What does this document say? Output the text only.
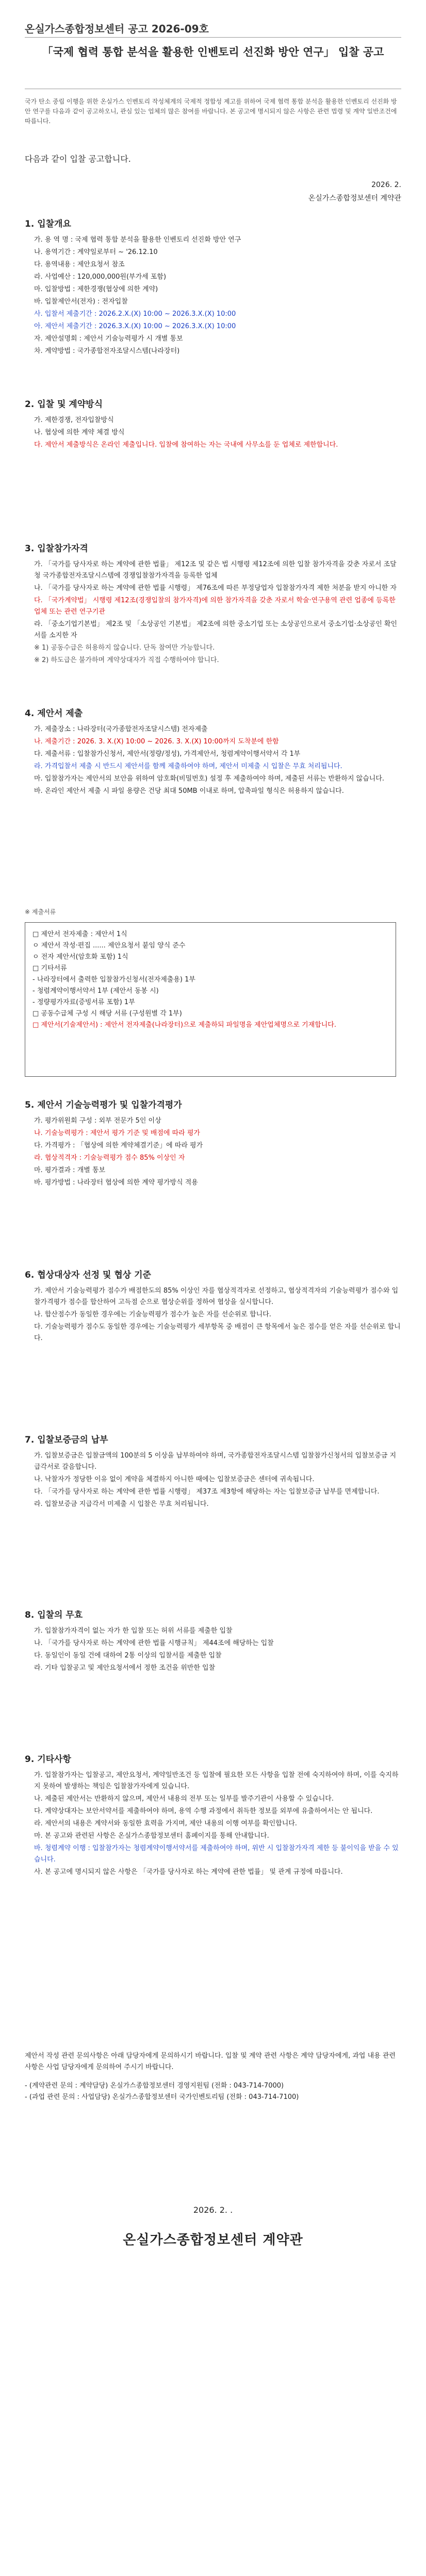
온실가스종합정보센터 공고 2026-09호
「국제 협력 통합 분석을 활용한 인벤토리 선진화 방안 연구」 입찰 공고
국가 탄소 중립 이행을 위한 온실가스 인벤토리 작성체계의 국제적 정합성 제고를 위하여 국제 협력 통합 분석을 활용한 인벤토리 선진화 방안 연구를 다음과 같이 공고하오니, 관심 있는 업체의 많은 참여를 바랍니다. 본 공고에 명시되지 않은 사항은 관련 법령 및 계약 일반조건에 따릅니다.
다음과 같이 입찰 공고합니다.
2026. 2.
온실가스종합정보센터 계약관
1. 입찰개요
가. 용 역 명 : 국제 협력 통합 분석을 활용한 인벤토리 선진화 방안 연구
나. 용역기간 : 계약일로부터 ~ '26.12.10
다. 용역내용 : 제안요청서 참조
라. 사업예산 : 120,000,000원(부가세 포함)
마. 입찰방법 : 제한경쟁(협상에 의한 계약)
바. 입찰제안서(전자) : 전자입찰
사. 입찰서 제출기간 : 2026.2.X.(X) 10:00 ~ 2026.3.X.(X) 10:00
아. 제안서 제출기간 : 2026.3.X.(X) 10:00 ~ 2026.3.X.(X) 10:00
자. 제안설명회 : 제안서 기술능력평가 시 개별 통보
차. 계약방법 : 국가종합전자조달시스템(나라장터)
2. 입찰 및 계약방식
가. 제한경쟁, 전자입찰방식
나. 협상에 의한 계약 체결 방식
다. 제안서 제출방식은 온라인 제출입니다. 입찰에 참여하는 자는 국내에 사무소를 둔 업체로 제한합니다.
3. 입찰참가자격
가. 「국가를 당사자로 하는 계약에 관한 법률」 제12조 및 같은 법 시행령 제12조에 의한 입찰 참가자격을 갖춘 자로서 조달청 국가종합전자조달시스템에 경쟁입찰참가자격을 등록한 업체
나. 「국가를 당사자로 하는 계약에 관한 법률 시행령」 제76조에 따른 부정당업자 입찰참가자격 제한 처분을 받지 아니한 자
다. 「국가계약법」 시행령 제12조(경쟁입찰의 참가자격)에 의한 참가자격을 갖춘 자로서 학술·연구용역 관련 업종에 등록한 업체 또는 관련 연구기관
라. 「중소기업기본법」 제2조 및 「소상공인 기본법」 제2조에 의한 중소기업 또는 소상공인으로서 중소기업·소상공인 확인서를 소지한 자
※ 1) 공동수급은 허용하지 않습니다. 단독 참여만 가능합니다.
※ 2) 하도급은 불가하며 계약상대자가 직접 수행하여야 합니다.
4. 제안서 제출
가. 제출장소 : 나라장터(국가종합전자조달시스템) 전자제출
나. 제출기간 : 2026. 3. X.(X) 10:00 ~ 2026. 3. X.(X) 10:00까지 도착분에 한함
다. 제출서류 : 입찰참가신청서, 제안서(정량/정성), 가격제안서, 청렴계약이행서약서 각 1부
라. 가격입찰서 제출 시 반드시 제안서를 함께 제출하여야 하며, 제안서 미제출 시 입찰은 무효 처리됩니다.
마. 입찰참가자는 제안서의 보안을 위하여 암호화(비밀번호) 설정 후 제출하여야 하며, 제출된 서류는 반환하지 않습니다.
바. 온라인 제안서 제출 시 파일 용량은 건당 최대 50MB 이내로 하며, 압축파일 형식은 허용하지 않습니다.
※ 제출서류
□ 제안서 전자제출 : 제안서 1식
ㅇ 제안서 작성·편집 ...... 제안요청서 붙임 양식 준수
ㅇ 전자 제안서(암호화 포함) 1식
□ 기타서류
- 나라장터에서 출력한 입찰참가신청서(전자제출용) 1부
- 청렴계약이행서약서 1부 (제안서 동봉 시)
- 정량평가자료(증빙서류 포함) 1부
□ 공동수급체 구성 시 해당 서류 (구성원별 각 1부)
□ 제안서(기술제안서) : 제안서 전자제출(나라장터)으로 제출하되 파일명을 제안업체명으로 기재합니다.
5. 제안서 기술능력평가 및 입찰가격평가
가. 평가위원회 구성 : 외부 전문가 5인 이상
나. 기술능력평가 : 제안서 평가 기준 및 배점에 따라 평가
다. 가격평가 : 「협상에 의한 계약체결기준」에 따라 평가
라. 협상적격자 : 기술능력평가 점수 85% 이상인 자
마. 평가결과 : 개별 통보
바. 평가방법 : 나라장터 협상에 의한 계약 평가방식 적용
6. 협상대상자 선정 및 협상 기준
가. 제안서 기술능력평가 점수가 배점한도의 85% 이상인 자를 협상적격자로 선정하고, 협상적격자의 기술능력평가 점수와 입찰가격평가 점수를 합산하여 고득점 순으로 협상순위를 정하여 협상을 실시합니다.
나. 합산점수가 동일한 경우에는 기술능력평가 점수가 높은 자를 선순위로 합니다.
다. 기술능력평가 점수도 동일한 경우에는 기술능력평가 세부항목 중 배점이 큰 항목에서 높은 점수를 얻은 자를 선순위로 합니다.
7. 입찰보증금의 납부
가. 입찰보증금은 입찰금액의 100분의 5 이상을 납부하여야 하며, 국가종합전자조달시스템 입찰참가신청서의 입찰보증금 지급각서로 갈음합니다.
나. 낙찰자가 정당한 이유 없이 계약을 체결하지 아니한 때에는 입찰보증금은 센터에 귀속됩니다.
다. 「국가를 당사자로 하는 계약에 관한 법률 시행령」 제37조 제3항에 해당하는 자는 입찰보증금 납부를 면제합니다.
라. 입찰보증금 지급각서 미제출 시 입찰은 무효 처리됩니다.
8. 입찰의 무효
가. 입찰참가자격이 없는 자가 한 입찰 또는 허위 서류를 제출한 입찰
나. 「국가를 당사자로 하는 계약에 관한 법률 시행규칙」 제44조에 해당하는 입찰
다. 동일인이 동일 건에 대하여 2통 이상의 입찰서를 제출한 입찰
라. 기타 입찰공고 및 제안요청서에서 정한 조건을 위반한 입찰
9. 기타사항
가. 입찰참가자는 입찰공고, 제안요청서, 계약일반조건 등 입찰에 필요한 모든 사항을 입찰 전에 숙지하여야 하며, 이를 숙지하지 못하여 발생하는 책임은 입찰참가자에게 있습니다.
나. 제출된 제안서는 반환하지 않으며, 제안서 내용의 전부 또는 일부를 발주기관이 사용할 수 있습니다.
다. 계약상대자는 보안서약서를 제출하여야 하며, 용역 수행 과정에서 취득한 정보를 외부에 유출하여서는 안 됩니다.
라. 제안서의 내용은 계약서와 동일한 효력을 가지며, 제안 내용의 이행 여부를 확인합니다.
마. 본 공고와 관련된 사항은 온실가스종합정보센터 홈페이지를 통해 안내합니다.
바. 청렴계약 이행 : 입찰참가자는 청렴계약이행서약서를 제출하여야 하며, 위반 시 입찰참가자격 제한 등 불이익을 받을 수 있습니다.
사. 본 공고에 명시되지 않은 사항은 「국가를 당사자로 하는 계약에 관한 법률」 및 관계 규정에 따릅니다.

제안서 작성 관련 문의사항은 아래 담당자에게 문의하시기 바랍니다. 입찰 및 계약 관련 사항은 계약 담당자에게, 과업 내용 관련 사항은 사업 담당자에게 문의하여 주시기 바랍니다.

- (계약관련 문의 : 계약담당) 온실가스종합정보센터 경영지원팀 (전화 : 043-714-7000)
- (과업 관련 문의 : 사업담당) 온실가스종합정보센터 국가인벤토리팀 (전화 : 043-714-7100)
2026. 2. .
온실가스종합정보센터 계약관
